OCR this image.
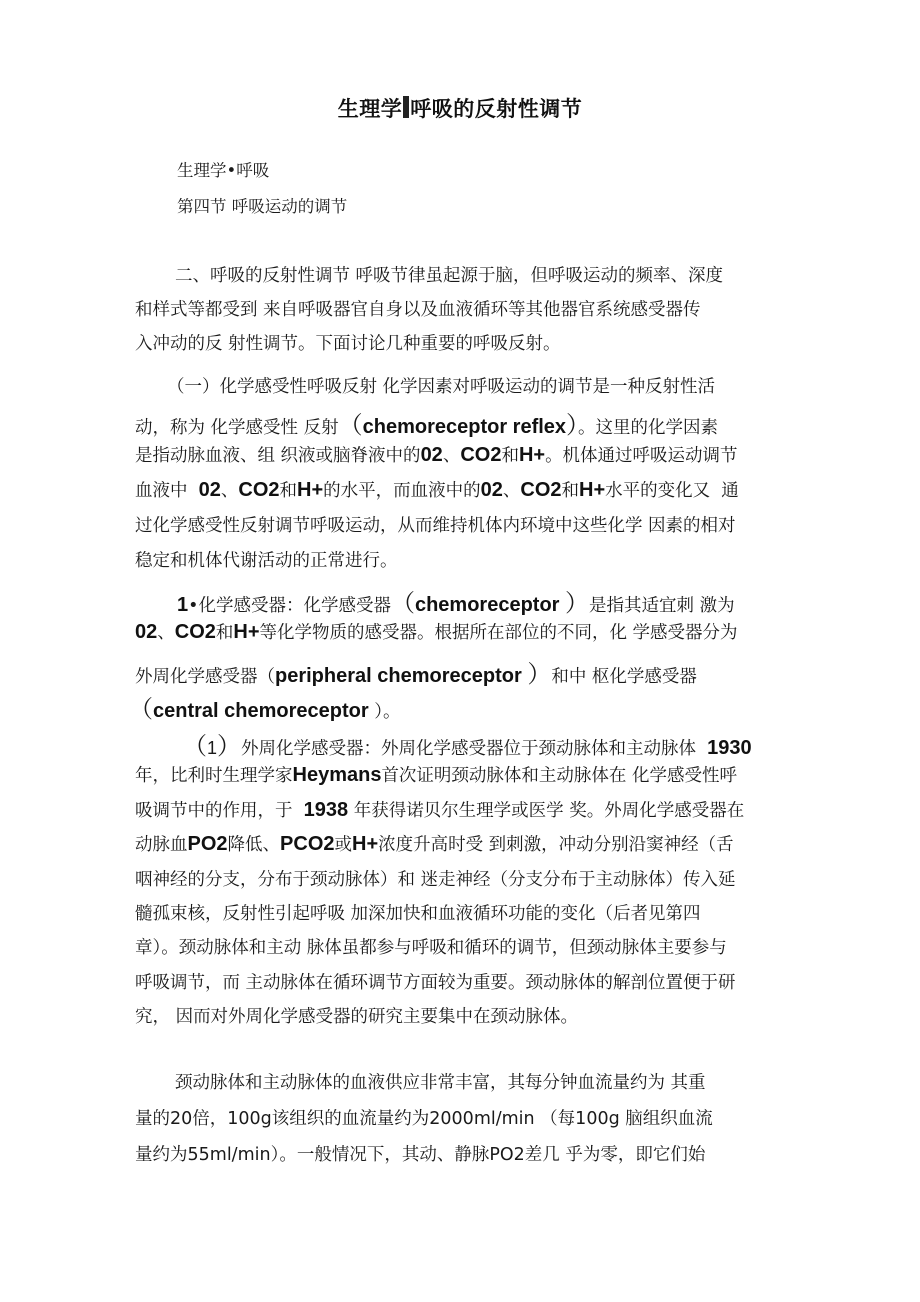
生理学 呼吸的反射性调节
生理学•呼吸
第四节 呼吸运动的调节
二、呼吸的反射性调节 呼吸节律虽起源于脑，但呼吸运动的频率、深度
和样式等都受到 来自呼吸器官自身以及血液循环等其他器官系统感受器传
入冲动的反 射性调节。下面讨论几种重要的呼吸反射。
（一）化学感受性呼吸反射 化学因素对呼吸运动的调节是一种反射性活
动，称为 化学感受性 反射（chemoreceptor reflex）。这里的化学因素
是指动脉血液、组 织液或脑脊液中的02、CO2和H+。机体通过呼吸运动调节
血液中  02、CO2和H+的水平，而血液中的02、CO2和H+水平的变化又  通
过化学感受性反射调节呼吸运动，从而维持机体内环境中这些化学 因素的相对
稳定和机体代谢活动的正常进行。
1•化学感受器：化学感受器（chemoreceptor ）是指其适宜刺 激为
02、CO2和H+等化学物质的感受器。根据所在部位的不同，化 学感受器分为
外周化学感受器（peripheral chemoreceptor ）和中 枢化学感受器
（central chemoreceptor ）。
（1）外周化学感受器：外周化学感受器位于颈动脉体和主动脉体  1930
年，比利时生理学家Heymans首次证明颈动脉体和主动脉体在 化学感受性呼
吸调节中的作用，于  1938 年获得诺贝尔生理学或医学 奖。外周化学感受器在
动脉血PO2降低、PCO2或H+浓度升高时受 到刺激，冲动分别沿窦神经（舌
咽神经的分支，分布于颈动脉体）和 迷走神经（分支分布于主动脉体）传入延
髓孤束核，反射性引起呼吸 加深加快和血液循环功能的变化（后者见第四
章）。颈动脉体和主动 脉体虽都参与呼吸和循环的调节，但颈动脉体主要参与
呼吸调节，而 主动脉体在循环调节方面较为重要。颈动脉体的解剖位置便于研
究， 因而对外周化学感受器的研究主要集中在颈动脉体。
颈动脉体和主动脉体的血液供应非常丰富，其每分钟血流量约为 其重
量的20倍，100g该组织的血流量约为2000ml/min （每100g 脑组织血流
量约为55ml/min）。一般情况下，其动、静脉PO2差几 乎为零，即它们始
